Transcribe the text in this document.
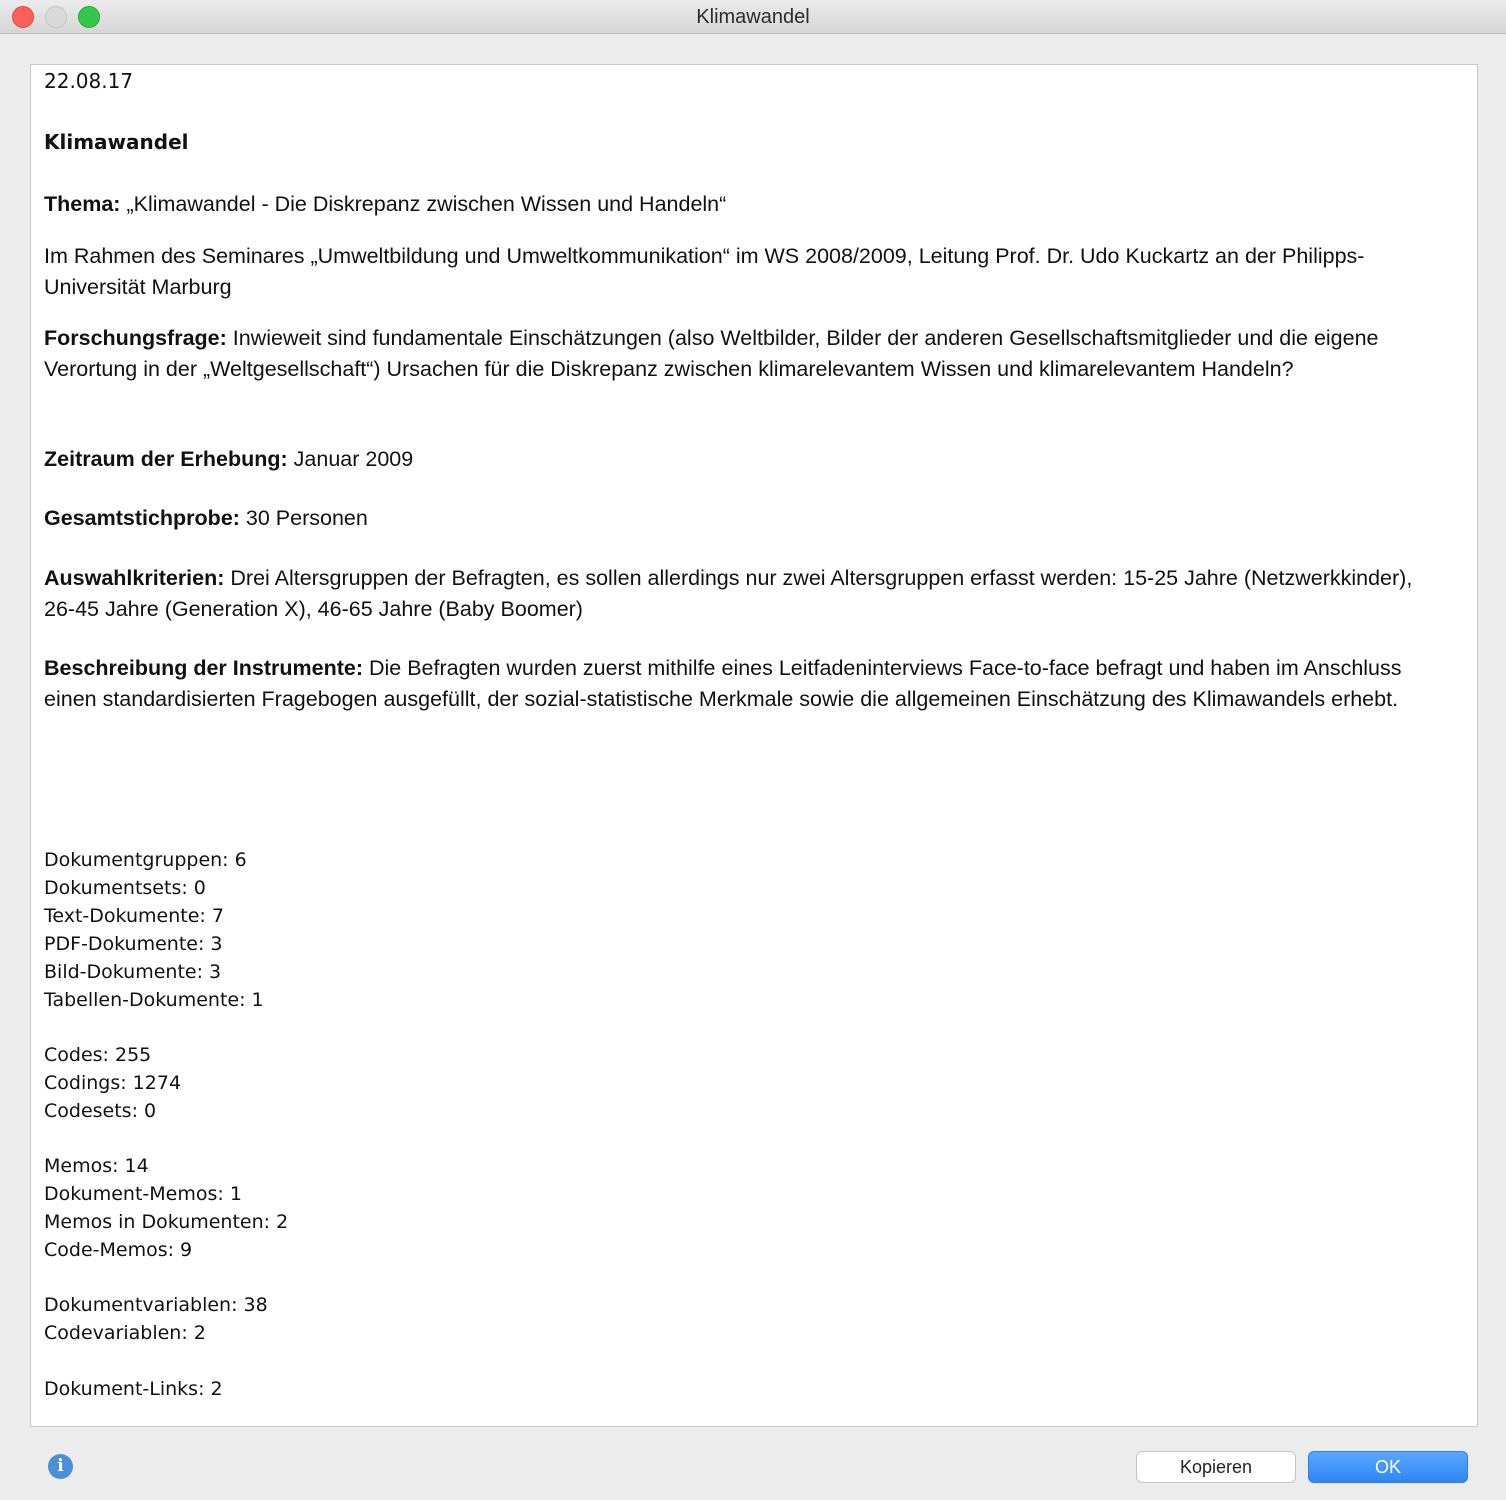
Klimawandel
22.08.17
Klimawandel
Thema: „Klimawandel - Die Diskrepanz zwischen Wissen und Handeln“
Im Rahmen des Seminares „Umweltbildung und Umweltkommunikation“ im WS 2008/2009, Leitung Prof. Dr. Udo Kuckartz an der Philipps-Universität Marburg
Forschungsfrage: Inwieweit sind fundamentale Einschätzungen (also Weltbilder, Bilder der anderen Gesellschaftsmitglieder und die eigene Verortung in der „Weltgesellschaft“) Ursachen für die Diskrepanz zwischen klimarelevantem Wissen und klimarelevantem Handeln?
Zeitraum der Erhebung: Januar 2009
Gesamtstichprobe: 30 Personen
Auswahlkriterien: Drei Altersgruppen der Befragten, es sollen allerdings nur zwei Altersgruppen erfasst werden: 15-25 Jahre (Netzwerkkinder), 26-45 Jahre (Generation X), 46-65 Jahre (Baby Boomer)
Beschreibung der Instrumente: Die Befragten wurden zuerst mithilfe eines Leitfadeninterviews Face-to-face befragt und haben im Anschluss einen standardisierten Fragebogen ausgefüllt, der sozial-statistische Merkmale sowie die allgemeinen Einschätzung des Klimawandels erhebt.
Dokumentgruppen: 6
Dokumentsets: 0
Text-Dokumente: 7
PDF-Dokumente: 3
Bild-Dokumente: 3
Tabellen-Dokumente: 1
Codes: 255
Codings: 1274
Codesets: 0
Memos: 14
Dokument-Memos: 1
Memos in Dokumenten: 2
Code-Memos: 9
Dokumentvariablen: 38
Codevariablen: 2
Dokument-Links: 2
i	Kopieren	OK
